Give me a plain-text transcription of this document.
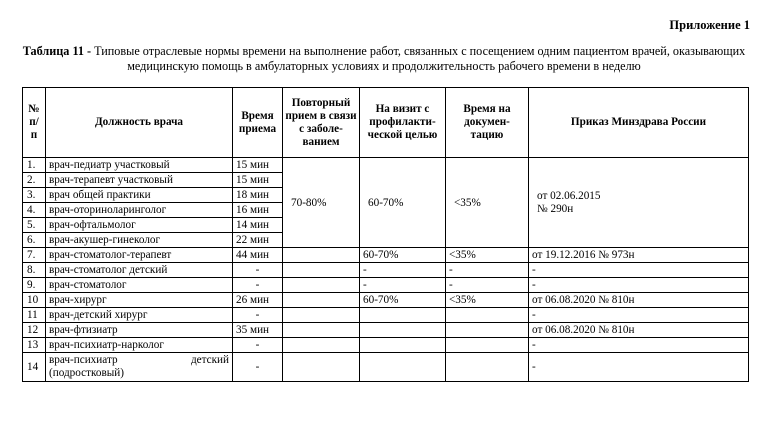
Приложение 1
Таблица 11 - Типовые отраслевые нормы времени на выполнение работ, связанных с посещением одним пациентом врачей, оказывающих медицинскую помощь в амбулаторных условиях и продолжительность рабочего времени в неделю
№ п/ п	Должность врача	Время приема	Повторный прием в связи с заболе- ванием	На визит с профилакти- ческой целью	Время на докумен- тацию	Приказ Минздрава России
1.	врач-педиатр участковый	15 мин	70-80%	60-70%	<35%	от 02.06.2015
№ 290н

2.	врач-терапевт участковый	15 мин				
3.	врач общей практики	18 мин				
4.	врач-оториноларинголог	16 мин				
5.	врач-офтальмолог	14 мин				
6.	врач-акушер-гинеколог	22 мин				
7.	врач-стоматолог-терапевт	44 мин		60-70%	<35%	от 19.12.2016 № 973н
8.	врач-стоматолог детский	-		-	-	-
9.	врач-стоматолог	-		-	-	-
10	врач-хирург	26 мин		60-70%	<35%	от 06.08.2020 № 810н
11	врач-детский хирург	-				-
12	врач-фтизиатр	35 мин				от 06.08.2020 № 810н
13	врач-психиатр-нарколог	-				-
14	врач-психиатр детский
(подростковый)	-				-
